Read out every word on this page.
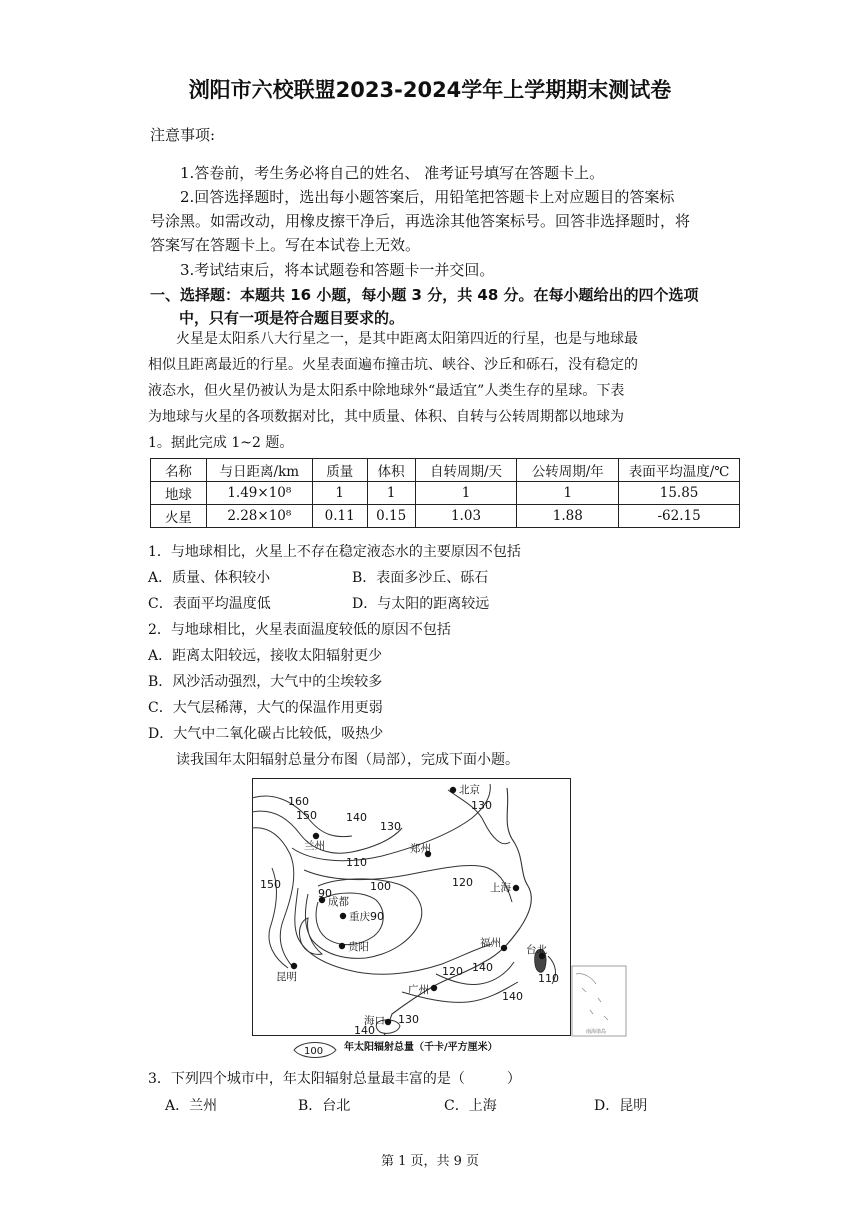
浏阳市六校联盟2023-2024学年上学期期末测试卷
注意事项:
1.答卷前，考生务必将自己的姓名、 准考证号填写在答题卡上。
2.回答选择题时，选出每小题答案后，用铅笔把答题卡上对应题目的答案标
号涂黑。如需改动，用橡皮擦干净后，再选涂其他答案标号。回答非选择题时，将
答案写在答题卡上。写在本试卷上无效。
3.考试结束后，将本试题卷和答题卡一并交回。
一、选择题：本题共 16 小题，每小题 3 分，共 48 分。在每小题给出的四个选项
中，只有一项是符合题目要求的。
火星是太阳系八大行星之一，是其中距离太阳第四近的行星，也是与地球最
相似且距离最近的行星。火星表面遍布撞击坑、峡谷、沙丘和砾石，没有稳定的
液态水，但火星仍被认为是太阳系中除地球外“最适宜”人类生存的星球。下表
为地球与火星的各项数据对比，其中质量、体积、自转与公转周期都以地球为
1。据此完成 1~2 题。
名称	与日距离/km	质量	体积	自转周期/天	公转周期/年	表面平均温度/℃
地球	1.49×10⁸	1	1	1	1	15.85
火星	2.28×10⁸	0.11	0.15	1.03	1.88	-62.15
1．与地球相比，火星上不存在稳定液态水的主要原因不包括
A．质量、体积较小	B．表面多沙丘、砾石
C．表面平均温度低	D．与太阳的距离较远
2．与地球相比，火星表面温度较低的原因不包括
A．距离太阳较远，接收太阳辐射更少
B．风沙活动强烈，大气中的尘埃较多
C．大气层稀薄，大气的保温作用更弱
D．大气中二氧化碳占比较低，吸热少
读我国年太阳辐射总量分布图（局部），完成下面小题。
北京
兰州	郑州
上海
成都
重庆
贵阳	福州
台北
昆明
广州
海口
160
150	140
130
130
110
100	120
150
90
90
140
120
110
140
130
140	南海诸岛
100 年太阳辐射总量（千卡/平方厘米）
3．下列四个城市中，年太阳辐射总量最丰富的是（　　　）
A．兰州	B．台北	C．上海	D．昆明
第 1 页，共 9 页
